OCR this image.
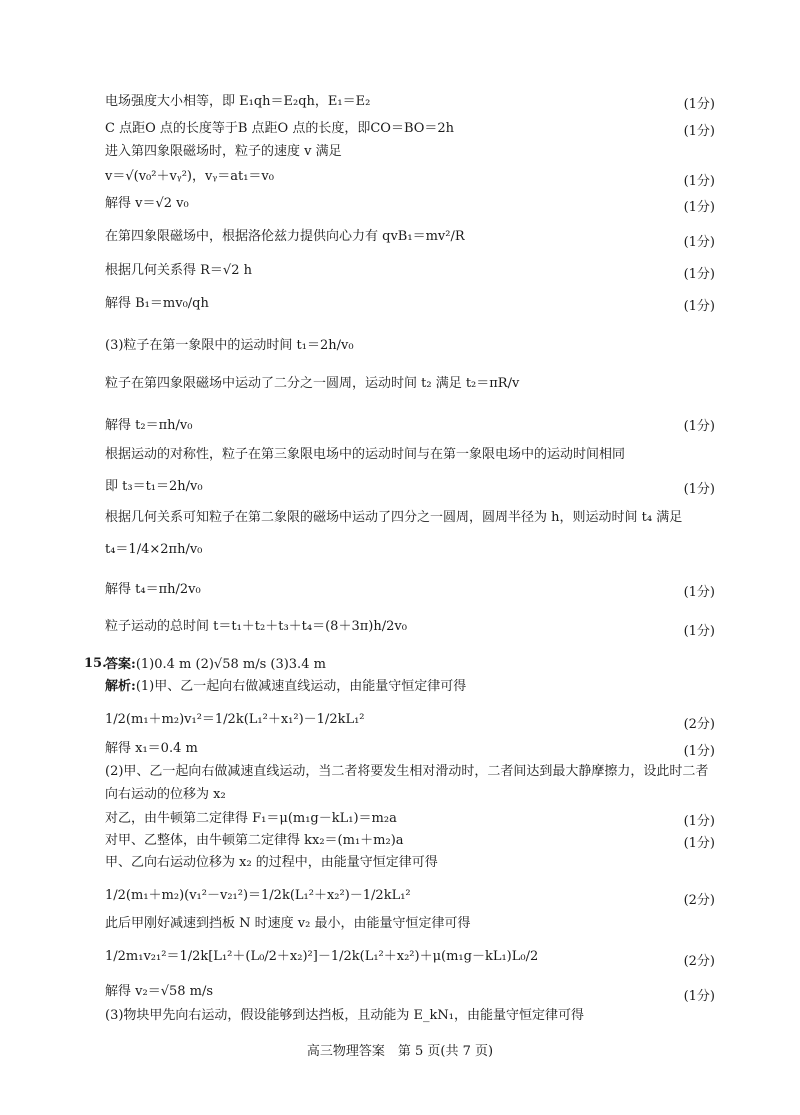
电场强度大小相等，即 E₁qh＝E₂qh，E₁＝E₂	(1分)
C 点距O 点的长度等于B 点距O 点的长度，即CO＝BO＝2h	(1分)
进入第四象限磁场时，粒子的速度 v 满足
v＝√(v₀²＋vᵧ²)，vᵧ＝at₁＝v₀	(1分)
解得 v＝√2 v₀	(1分)
在第四象限磁场中，根据洛伦兹力提供向心力有 qvB₁＝mv²/R	(1分)
根据几何关系得 R＝√2 h	(1分)
解得 B₁＝mv₀/qh	(1分)
(3)粒子在第一象限中的运动时间 t₁＝2h/v₀
粒子在第四象限磁场中运动了二分之一圆周，运动时间 t₂ 满足 t₂＝πR/v
解得 t₂＝πh/v₀	(1分)
根据运动的对称性，粒子在第三象限电场中的运动时间与在第一象限电场中的运动时间相同
即 t₃＝t₁＝2h/v₀	(1分)
根据几何关系可知粒子在第二象限的磁场中运动了四分之一圆周，圆周半径为 h，则运动时间 t₄ 满足
t₄＝1/4×2πh/v₀
解得 t₄＝πh/2v₀	(1分)
粒子运动的总时间 t＝t₁＋t₂＋t₃＋t₄＝(8＋3π)h/2v₀	(1分)
15.
答案:(1)0.4 m (2)√58 m/s (3)3.4 m
解析:(1)甲、乙一起向右做减速直线运动，由能量守恒定律可得
1/2(m₁＋m₂)v₁²＝1/2k(L₁²＋x₁²)－1/2kL₁²	(2分)
解得 x₁＝0.4 m	(1分)
(2)甲、乙一起向右做减速直线运动，当二者将要发生相对滑动时，二者间达到最大静摩擦力，设此时二者
向右运动的位移为 x₂
对乙，由牛顿第二定律得 F₁＝μ(m₁g－kL₁)＝m₂a	(1分)
对甲、乙整体，由牛顿第二定律得 kx₂＝(m₁＋m₂)a	(1分)
甲、乙向右运动位移为 x₂ 的过程中，由能量守恒定律可得
1/2(m₁＋m₂)(v₁²－v₂₁²)＝1/2k(L₁²＋x₂²)－1/2kL₁²	(2分)
此后甲刚好减速到挡板 N 时速度 v₂ 最小，由能量守恒定律可得
1/2m₁v₂₁²＝1/2k[L₁²＋(L₀/2＋x₂)²]－1/2k(L₁²＋x₂²)＋μ(m₁g－kL₁)L₀/2	(2分)
解得 v₂＝√58 m/s	(1分)
(3)物块甲先向右运动，假设能够到达挡板，且动能为 E_kN₁，由能量守恒定律可得
高三物理答案　第 5 页(共 7 页)
